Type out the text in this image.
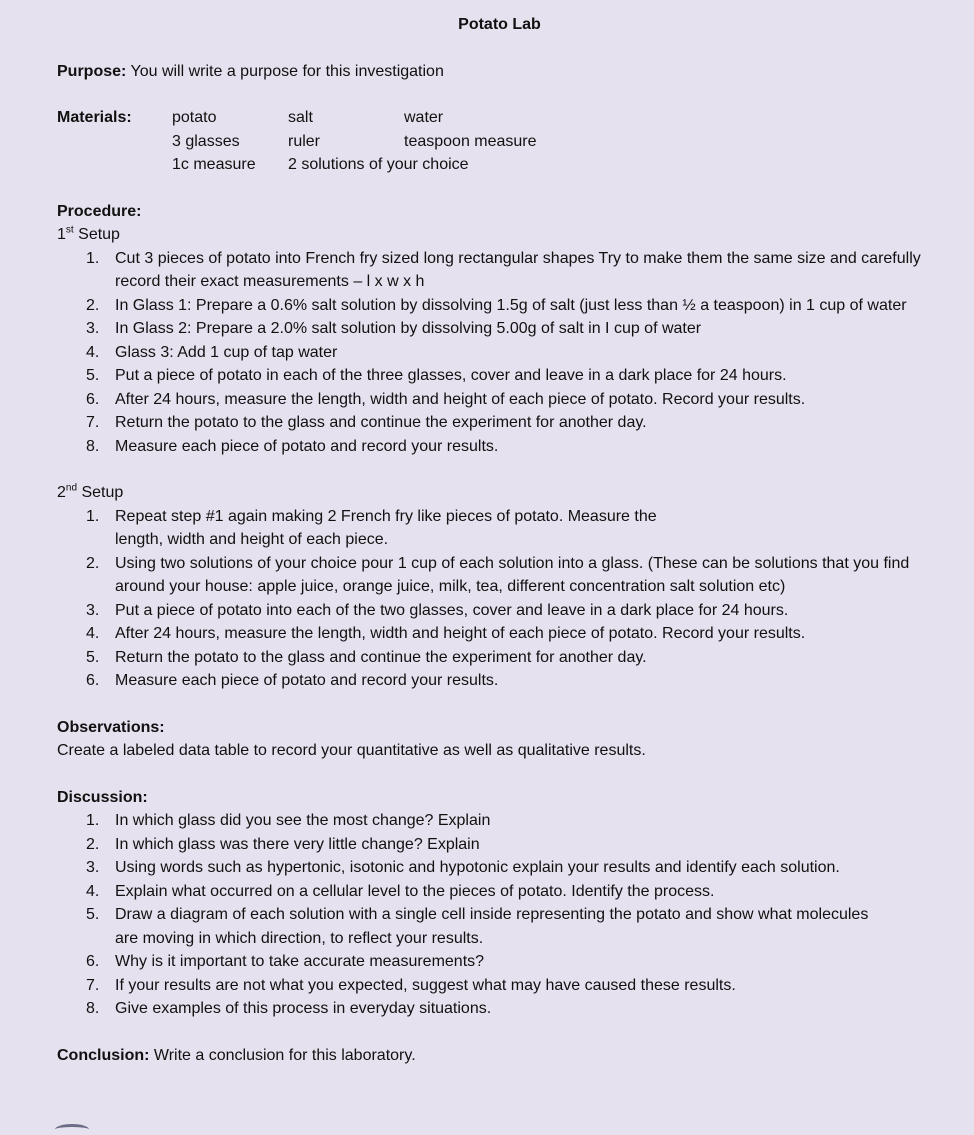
Potato Lab
Purpose: You will write a purpose for this investigation
Materials:	potato	salt	water
3 glasses	ruler	teaspoon measure
1c measure	2 solutions of your choice
Procedure:
1st Setup
1. Cut 3 pieces of potato into French fry sized long rectangular shapes Try to make them the same size and carefully record their exact measurements – l x w x h
2. In Glass 1: Prepare a 0.6% salt solution by dissolving 1.5g of salt (just less than ½ a teaspoon) in 1 cup of water
3. In Glass 2: Prepare a 2.0% salt solution by dissolving 5.00g of salt in I cup of water
4. Glass 3: Add 1 cup of tap water
5. Put a piece of potato in each of the three glasses, cover and leave in a dark place for 24 hours.
6. After 24 hours, measure the length, width and height of each piece of potato. Record your results.
7. Return the potato to the glass and continue the experiment for another day.
8. Measure each piece of potato and record your results.
2nd Setup
1. Repeat step #1 again making 2 French fry like pieces of potato. Measure the length, width and height of each piece.
2. Using two solutions of your choice pour 1 cup of each solution into a glass. (These can be solutions that you find around your house: apple juice, orange juice, milk, tea, different concentration salt solution etc)
3. Put a piece of potato into each of the two glasses, cover and leave in a dark place for 24 hours.
4. After 24 hours, measure the length, width and height of each piece of potato. Record your results.
5. Return the potato to the glass and continue the experiment for another day.
6. Measure each piece of potato and record your results.
Observations:
Create a labeled data table to record your quantitative as well as qualitative results.
Discussion:
1. In which glass did you see the most change? Explain
2. In which glass was there very little change? Explain
3. Using words such as hypertonic, isotonic and hypotonic explain your results and identify each solution.
4. Explain what occurred on a cellular level to the pieces of potato. Identify the process.
5. Draw a diagram of each solution with a single cell inside representing the potato and show what molecules are moving in which direction, to reflect your results.
6. Why is it important to take accurate measurements?
7. If your results are not what you expected, suggest what may have caused these results.
8. Give examples of this process in everyday situations.
Conclusion: Write a conclusion for this laboratory.
